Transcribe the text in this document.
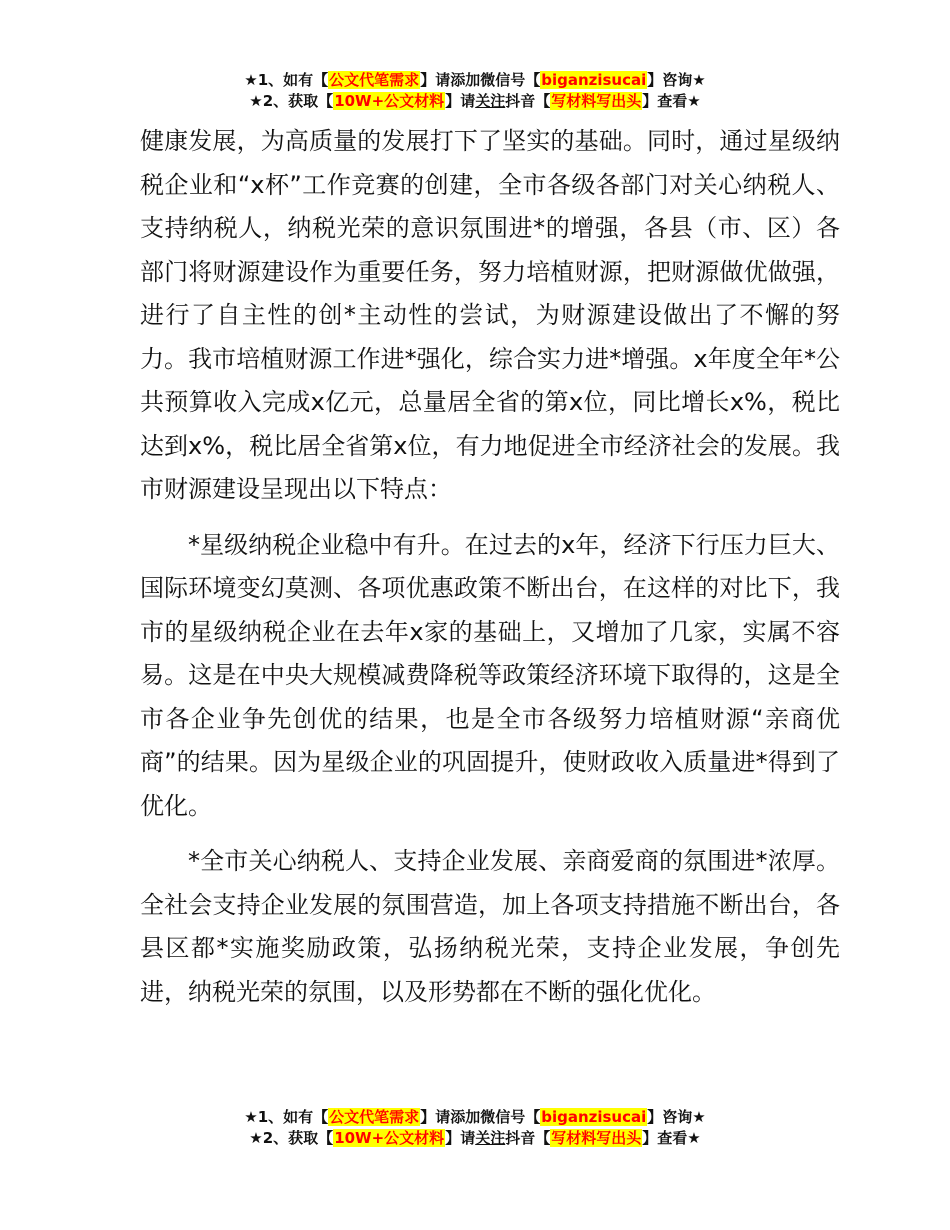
★1、如有【公文代笔需求】请添加微信号【biganzisucai】咨询★
★2、获取【10W+公文材料】请关注抖音【写材料写出头】查看★

健康发展，为高质量的发展打下了坚实的基础。同时，通过星级纳税企业和“x杯”工作竞赛的创建，全市各级各部门对关心纳税人、支持纳税人，纳税光荣的意识氛围进*的增强，各县（市、区）各部门将财源建设作为重要任务，努力培植财源，把财源做优做强，进行了自主性的创*主动性的尝试，为财源建设做出了不懈的努力。我市培植财源工作进*强化，综合实力进*增强。x年度全年*公共预算收入完成x亿元，总量居全省的第x位，同比增长x%，税比达到x%，税比居全省第x位，有力地促进全市经济社会的发展。我市财源建设呈现出以下特点：

*星级纳税企业稳中有升。在过去的x年，经济下行压力巨大、国际环境变幻莫测、各项优惠政策不断出台，在这样的对比下，我市的星级纳税企业在去年x家的基础上，又增加了几家，实属不容易。这是在中央大规模减费降税等政策经济环境下取得的，这是全市各企业争先创优的结果，也是全市各级努力培植财源“亲商优商”的结果。因为星级企业的巩固提升，使财政收入质量进*得到了优化。

*全市关心纳税人、支持企业发展、亲商爱商的氛围进*浓厚。全社会支持企业发展的氛围营造，加上各项支持措施不断出台，各县区都*实施奖励政策，弘扬纳税光荣，支持企业发展，争创先进，纳税光荣的氛围，以及形势都在不断的强化优化。

★1、如有【公文代笔需求】请添加微信号【biganzisucai】咨询★
★2、获取【10W+公文材料】请关注抖音【写材料写出头】查看★
